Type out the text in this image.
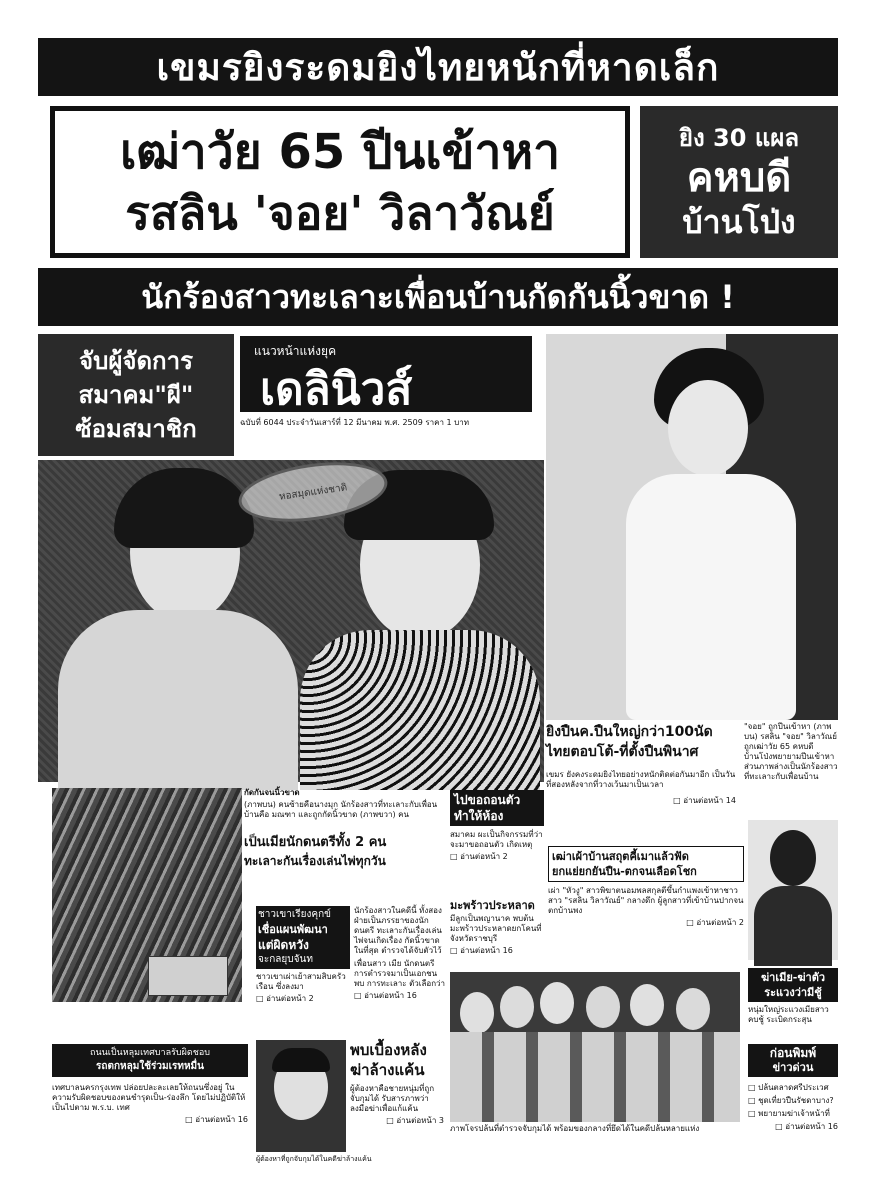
เขมรยิงระดมยิงไทยหนักที่หาดเล็ก
เฒ่าวัย 65 ปีนเข้าหา
รสลิน 'จอย' วิลาวัณย์
ยิง 30 แผล
คหบดี
บ้านโป่ง
นักร้องสาวทะเลาะเพื่อนบ้านกัดกันนิ้วขาด !
จับผู้จัดการ
สมาคม"ผี"
ซ้อมสมาชิก
แนวหน้าแห่งยุค
เดลินิวส์
ฉบับที่ 6044 ประจำวันเสาร์ที่ 12 มีนาคม พ.ศ. 2509 ราคา 1 บาท
หอสมุดแห่งชาติ
ยิงปืนค.ปืนใหญ่กว่า100นัด
ไทยตอบโต้-ที่ตั้งปืนพินาศ
เขมร ยังคงระดมยิงไทยอย่างหนักติดต่อกันมาอีก เป็นวันที่สองหลังจากที่วางเว้นมาเป็นเวลา
□ อ่านต่อหน้า 14
"จอย" ถูกปีนเข้าหา (ภาพบน) รสลิน "จอย" วิลาวัณย์ ถูกเฒ่าวัย 65 คหบดีบ้านโป่งพยายามปีนเข้าหา ส่วนภาพล่างเป็นนักร้องสาวที่ทะเลาะกับเพื่อนบ้าน
กัดกันจนนิ้วขาด
(ภาพบน) คนซ้ายคือนางมุก นักร้องสาวที่ทะเลาะกับเพื่อนบ้านคือ มณฑา และถูกกัดนิ้วขาด (ภาพขวา) คน
เป็นเมียนักดนตรีทั้ง 2 คน
ทะเลาะกันเรื่องเล่นไพ่ทุกวัน
ไปขอถอนตัว
ทำให้ห้อง
สมาคม ผะเป็นกิจกรรมที่ว่าจะมาขอถอนตัว เกิดเหตุ
□ อ่านต่อหน้า 2
มะพร้าวประหลาด
มีลูกเป็นพญานาค พบต้นมะพร้าวประหลาดยกโคนที่ จังหวัดราชบุรี
□ อ่านต่อหน้า 16
เฒ่าเผ้าบ้านสถุตคี้เมาแล้วฟัด
ยกแย่ยกยันปืน-ตกจนเลือดโชก
เผ่า "หัวงู" สาวพิฆาตนอมพลสกุลตีขึ้นกำแพงเข้าหาชาวสาว "รสลิน วิลาวัณย์" กลางดึก ผู้ลูกสาวที่เข้าบ้านปากจนตกบ้านพง
□ อ่านต่อหน้า 2
ชาวเขาเรียงคุกข์
เชื่อแผนพัฒนา
แต่ผิดหวัง
จะกลยุบจันท
ชาวเขาเผ่าเย้าสามสิบครัวเรือน ซึ่งลงมา
□ อ่านต่อหน้า 2
นักร้องสาวในคดีนี้ ทั้งสองฝ่ายเป็นภรรยาของนักดนตรี ทะเลาะกันเรื่องเล่นไพ่จนเกิดเรื่อง กัดนิ้วขาดในที่สุด ตำรวจได้จับตัวไว้
เพื่อนสาว เมีย นักดนตรี การตำรวจมาเป็นเอกชนพบ การทะเลาะ ตัวเลือกว่า
□ อ่านต่อหน้า 16
ภาพโจรปล้นที่ตำรวจจับกุมได้ พร้อมของกลางที่ยึดได้ในคดีปล้นหลายแห่ง
ฆ่าเมีย-ฆ่าตัว
ระแวงว่ามีชู้
หนุ่มใหญ่ระแวงเมียสาวคบชู้ ระเบิดกระสุน
ก่อนพิมพ์
ข่าวด่วน
□ ปล้นตลาดศรีประเวศ
□ ชุดเที่ยวปืนรัชดาบาง?
□ พยายามฆ่าเจ้าหน้าที่
□ อ่านต่อหน้า 16
ถนนเป็นหลุมเทศบาลรับผิดชอบ
รถตกหลุมใช้ร่วมเรทหมื่น
เทศบาลนครกรุงเทพ ปล่อยปละละเลยให้ถนนซึ่งอยู่ ในความรับผิดชอบของตนชำรุดเป็น-ร่องลึก โดยไม่ปฏิบัติให้เป็นไปตาม พ.ร.บ. เทศ
□ อ่านต่อหน้า 16
ผู้ต้องหาที่ถูกจับกุมได้ในคดีฆ่าล้างแค้น
พบเบื้องหลัง
ฆ่าล้างแค้น
ผู้ต้องหาคือชายหนุ่มที่ถูกจับกุมได้ รับสารภาพว่าลงมือฆ่าเพื่อแก้แค้น
□ อ่านต่อหน้า 3
